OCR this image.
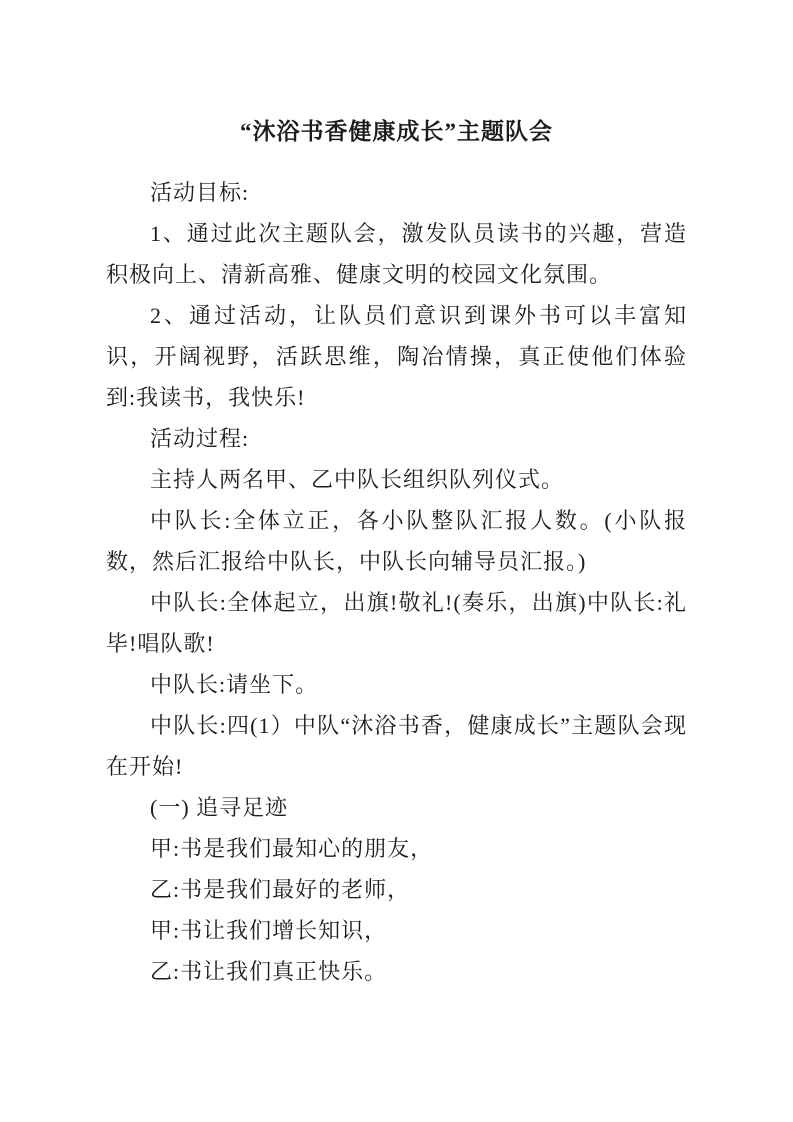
“沐浴书香健康成长”主题队会

活动目标:

1、通过此次主题队会，激发队员读书的兴趣，营造积极向上、清新高雅、健康文明的校园文化氛围。

2、通过活动，让队员们意识到课外书可以丰富知识，开阔视野，活跃思维，陶冶情操，真正使他们体验到:我读书，我快乐!

活动过程:

主持人两名甲、乙中队长组织队列仪式。

中队长:全体立正，各小队整队汇报人数。(小队报数，然后汇报给中队长，中队长向辅导员汇报。)

中队长:全体起立，出旗!敬礼!(奏乐，出旗)中队长:礼毕!唱队歌!

中队长:请坐下。

中队长:四(1）中队“沐浴书香，健康成长”主题队会现在开始!

(一) 追寻足迹

甲:书是我们最知心的朋友，

乙:书是我们最好的老师，

甲:书让我们增长知识，

乙:书让我们真正快乐。
